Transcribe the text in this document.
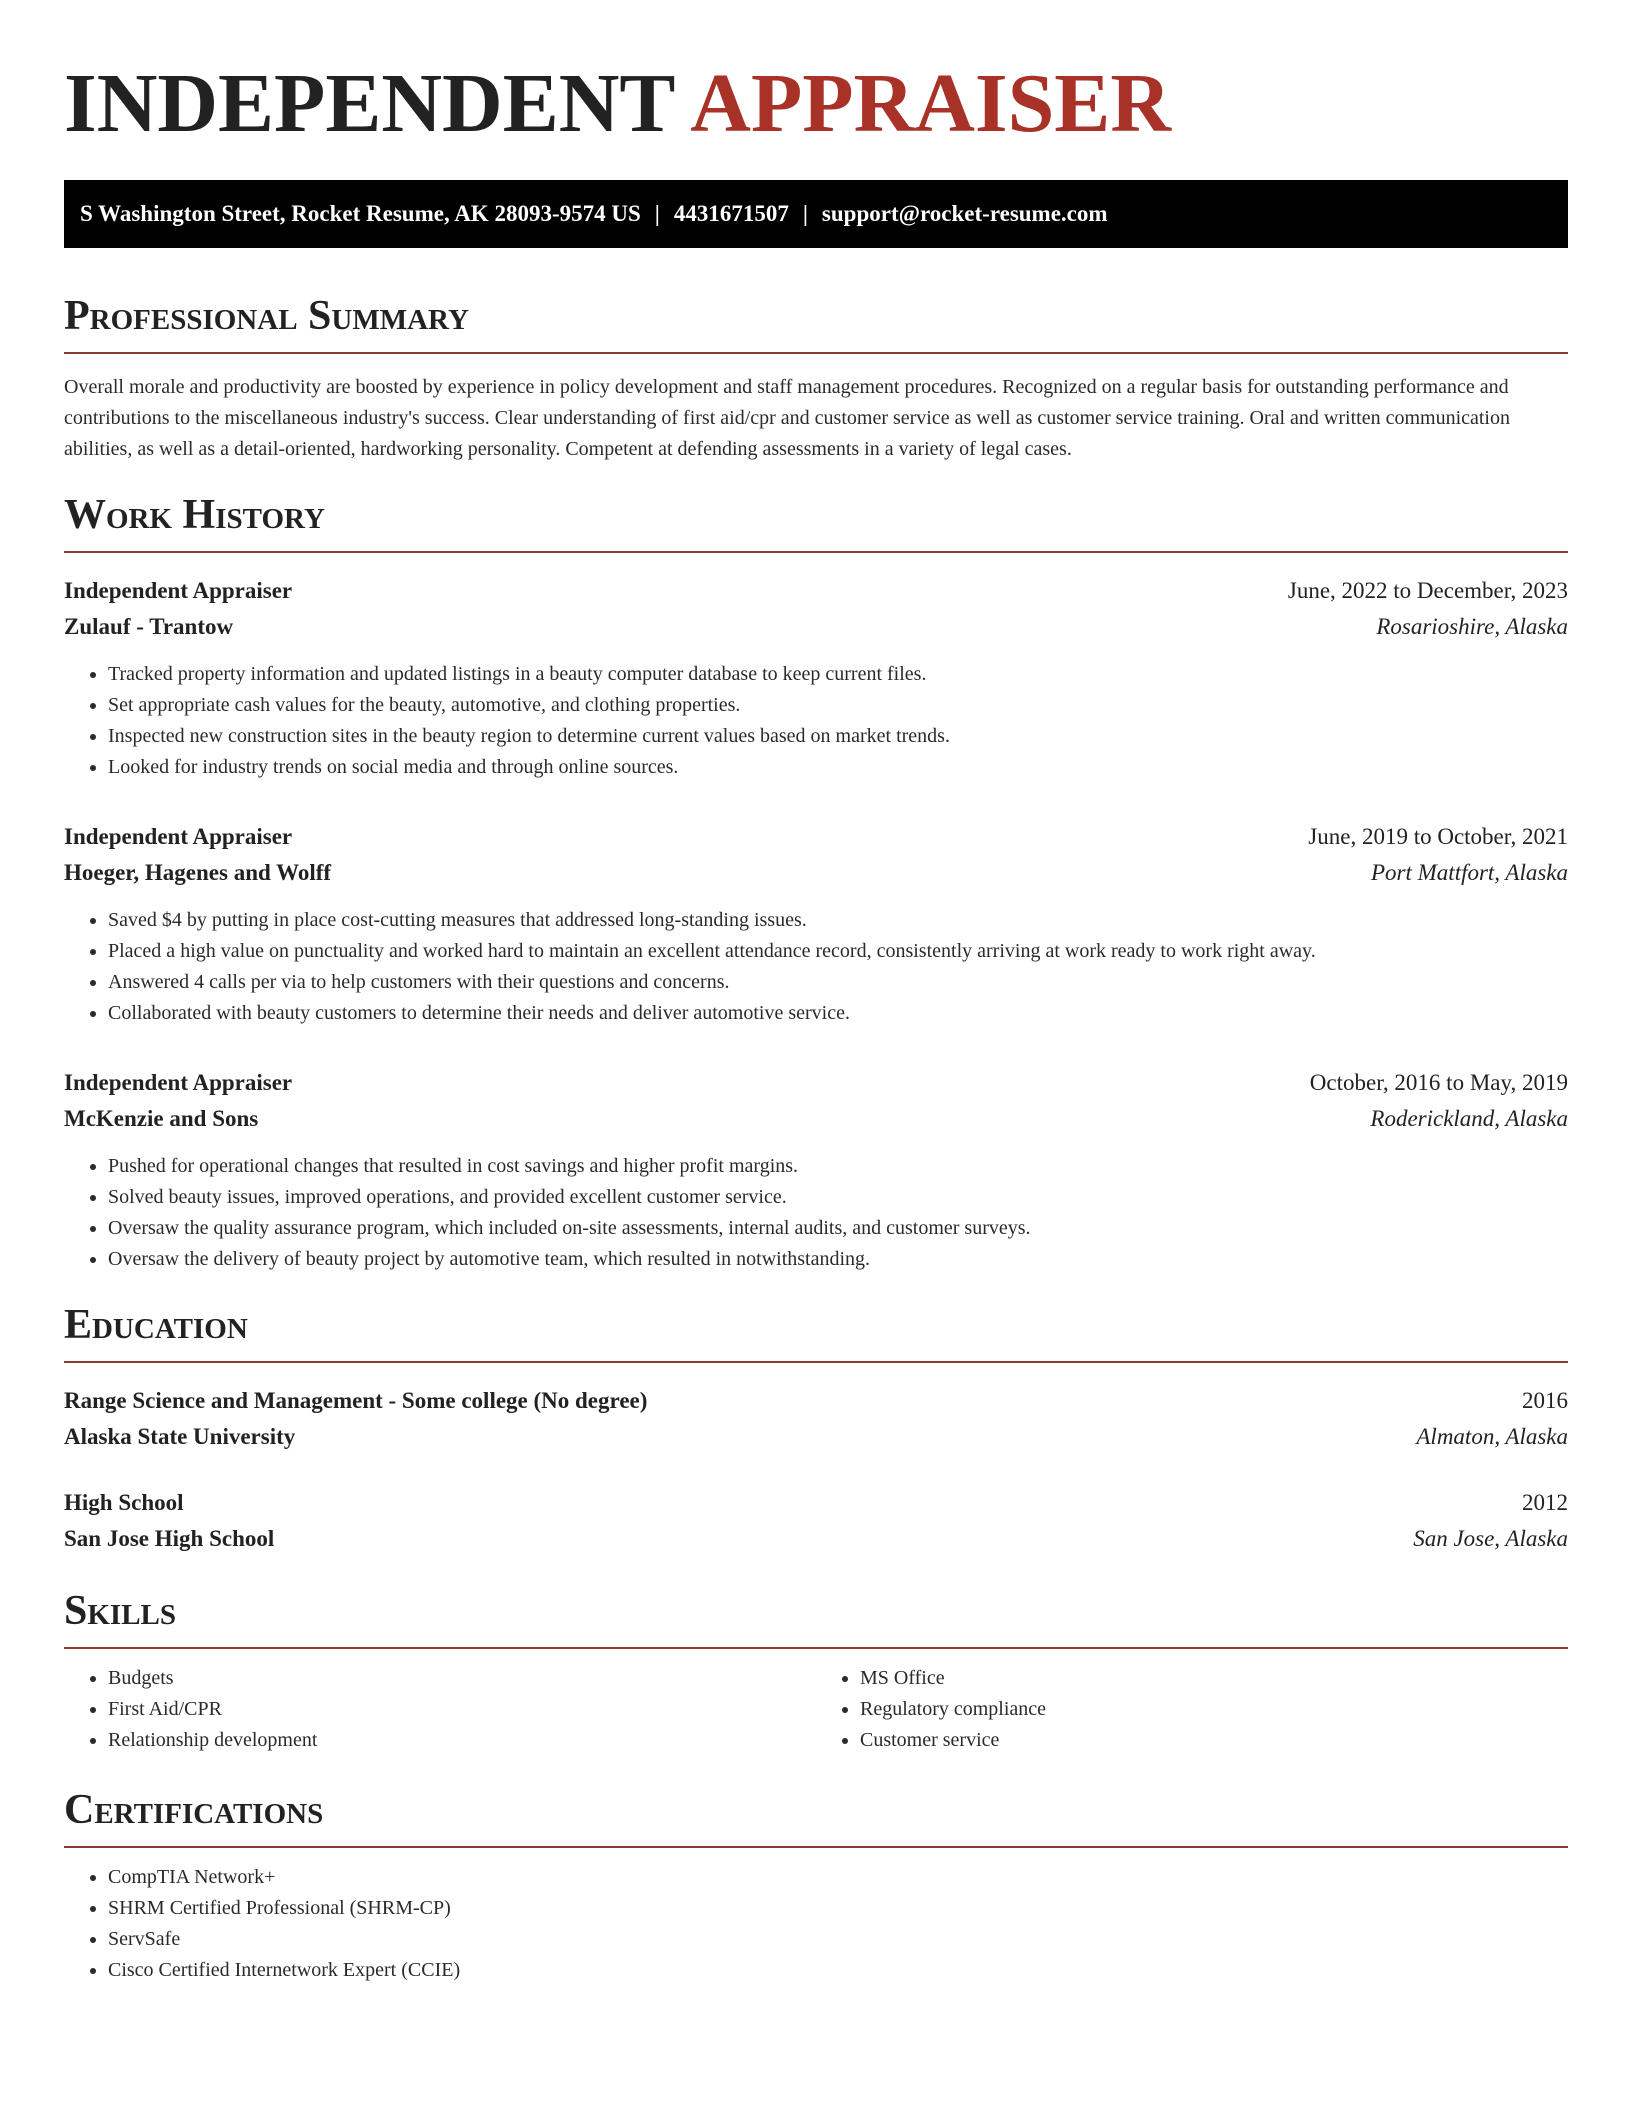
INDEPENDENT APPRAISER
S Washington Street, Rocket Resume, AK 28093-9574 US | 4431671507 | support@rocket-resume.com
Professional Summary

Overall morale and productivity are boosted by experience in policy development and staff management procedures. Recognized on a regular basis for outstanding performance and contributions to the miscellaneous industry's success. Clear understanding of first aid/cpr and customer service as well as customer service training. Oral and written communication abilities, as well as a detail-oriented, hardworking personality. Competent at defending assessments in a variety of legal cases.

Work History
Independent Appraiser	June, 2022 to December, 2023
Zulauf - Trantow	Rosarioshire, Alaska
• Tracked property information and updated listings in a beauty computer database to keep current files.
• Set appropriate cash values for the beauty, automotive, and clothing properties.
• Inspected new construction sites in the beauty region to determine current values based on market trends.
• Looked for industry trends on social media and through online sources.
Independent Appraiser	June, 2019 to October, 2021
Hoeger, Hagenes and Wolff	Port Mattfort, Alaska
• Saved $4 by putting in place cost-cutting measures that addressed long-standing issues.
• Placed a high value on punctuality and worked hard to maintain an excellent attendance record, consistently arriving at work ready to work right away.
• Answered 4 calls per via to help customers with their questions and concerns.
• Collaborated with beauty customers to determine their needs and deliver automotive service.
Independent Appraiser	October, 2016 to May, 2019
McKenzie and Sons	Roderickland, Alaska
• Pushed for operational changes that resulted in cost savings and higher profit margins.
• Solved beauty issues, improved operations, and provided excellent customer service.
• Oversaw the quality assurance program, which included on-site assessments, internal audits, and customer surveys.
• Oversaw the delivery of beauty project by automotive team, which resulted in notwithstanding.
Education
Range Science and Management - Some college (No degree)	2016
Alaska State University	Almaton, Alaska
High School	2012
San Jose High School	San Jose, Alaska
Skills
• Budgets
• First Aid/CPR
• Relationship development
• MS Office
• Regulatory compliance
• Customer service
Certifications
• CompTIA Network+
• SHRM Certified Professional (SHRM-CP)
• ServSafe
• Cisco Certified Internetwork Expert (CCIE)
